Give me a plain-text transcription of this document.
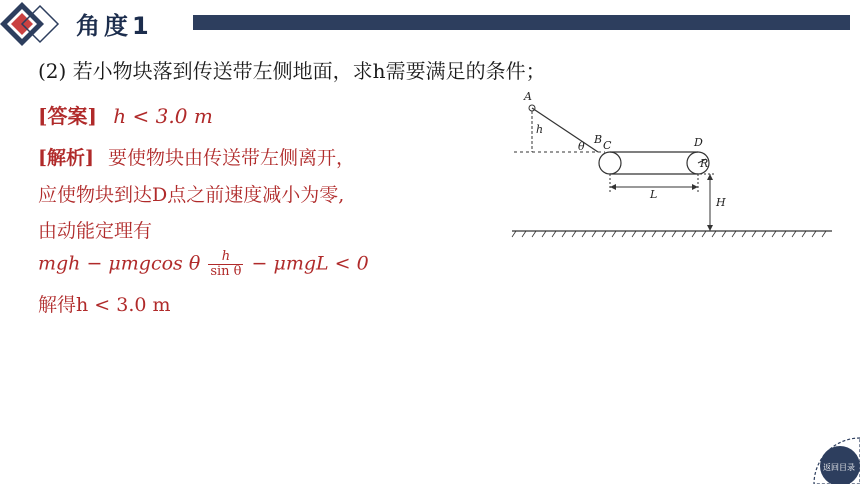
角度1
(2) 若小物块落到传送带左侧地面，求h需要满足的条件；
[答案] h < 3.0 m
[解析] 要使物块由传送带左侧离开，
应使物块到达D点之前速度减小为零,
由动能定理有
mgh − μmgcos θ $\frac{h}{\text{sin θ}} - \mu mgL < 0$
解得h < 3.0 m
A
h
θ
B C	D
R
L
H
返回目录
